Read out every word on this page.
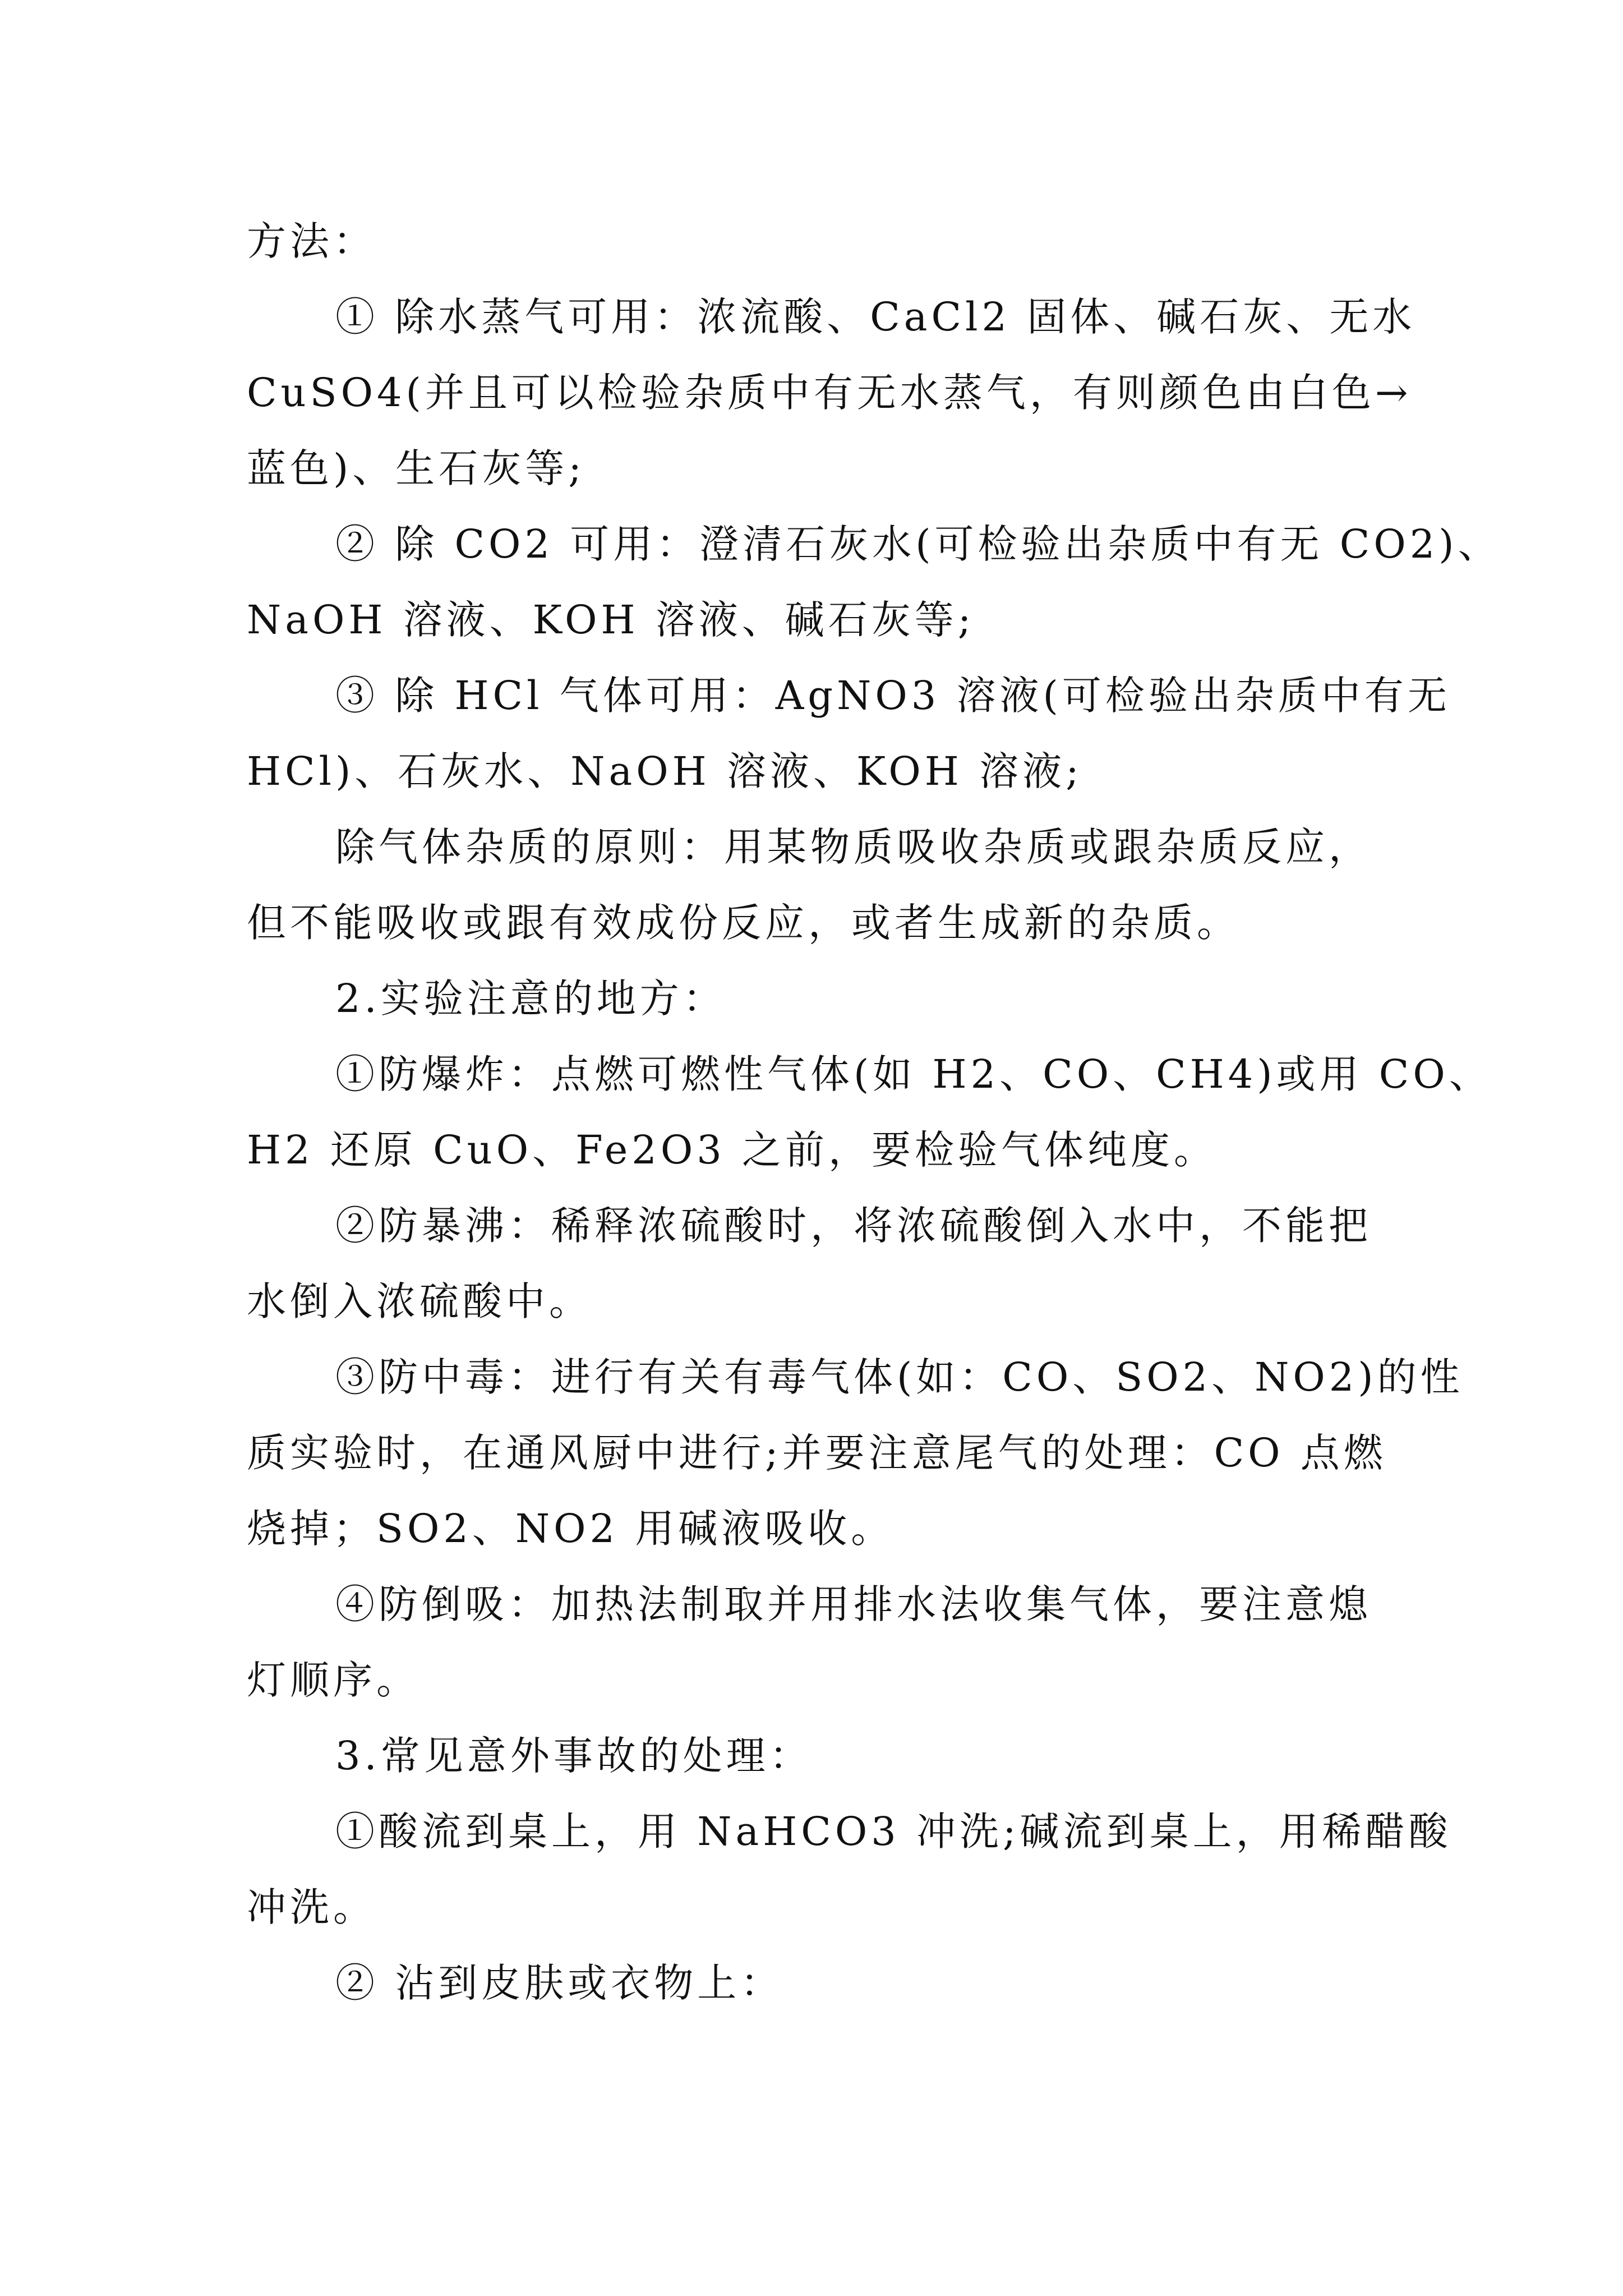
方法：

① 除水蒸气可用：浓流酸、CaCl2 固体、碱石灰、无水

CuSO4(并且可以检验杂质中有无水蒸气，有则颜色由白色→

蓝色)、生石灰等;

② 除 CO2 可用：澄清石灰水(可检验出杂质中有无 CO2)、

NaOH 溶液、KOH 溶液、碱石灰等;

③ 除 HCl 气体可用：AgNO3 溶液(可检验出杂质中有无

HCl)、石灰水、NaOH 溶液、KOH 溶液;

除气体杂质的原则：用某物质吸收杂质或跟杂质反应，

但不能吸收或跟有效成份反应，或者生成新的杂质。

2.实验注意的地方：

①防爆炸：点燃可燃性气体(如 H2、CO、CH4)或用 CO、

H2 还原 CuO、Fe2O3 之前，要检验气体纯度。

②防暴沸：稀释浓硫酸时，将浓硫酸倒入水中，不能把

水倒入浓硫酸中。

③防中毒：进行有关有毒气体(如：CO、SO2、NO2)的性

质实验时，在通风厨中进行;并要注意尾气的处理：CO 点燃

烧掉；SO2、NO2 用碱液吸收。

④防倒吸：加热法制取并用排水法收集气体，要注意熄

灯顺序。

3.常见意外事故的处理：

①酸流到桌上，用 NaHCO3 冲洗;碱流到桌上，用稀醋酸

冲洗。

② 沾到皮肤或衣物上：
